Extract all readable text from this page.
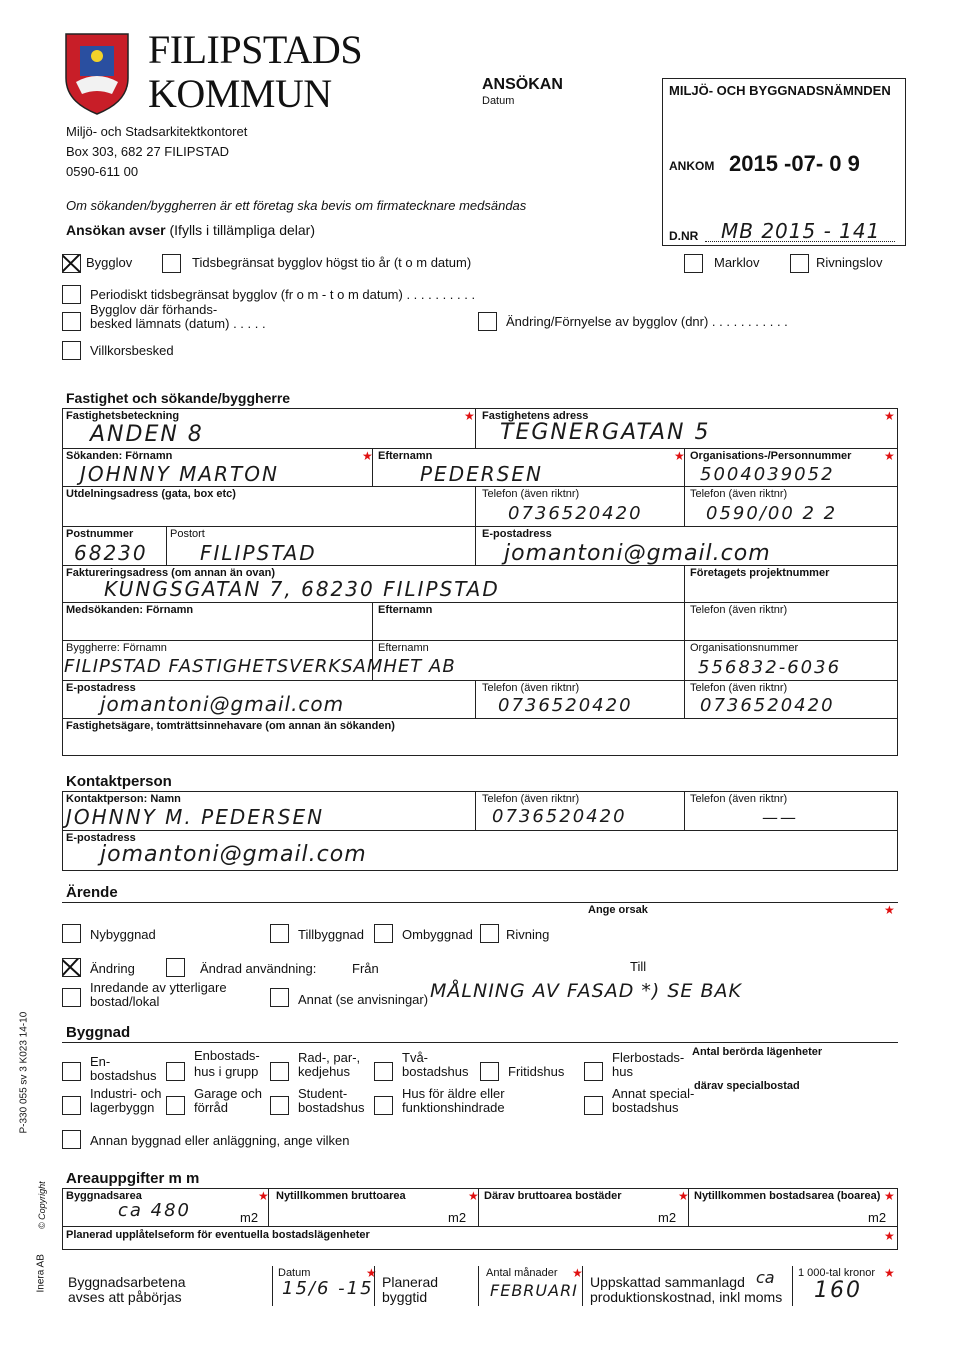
FILIPSTADS
KOMMUN
Miljö- och Stadsarkitektkontoret
Box 303, 682 27 FILIPSTAD
0590-611 00
ANSÖKAN
Datum
MILJÖ- OCH BYGGNADSNÄMNDEN
ANKOM 2015 -07- 0 9
D.NR MB 2015 - 141
Om sökanden/byggherren är ett företag ska bevis om firmatecknare medsändas
Ansökan avser (Ifylls i tillämpliga delar)
Bygglov	Tidsbegränsat bygglov högst tio år (t o m datum)	Marklov	Rivningslov
Periodiskt tidsbegränsat bygglov (fr o m - t o m datum) . . . . . . . . . .
Bygglov där förhands-
besked lämnats (datum) . . . . .	Ändring/Förnyelse av bygglov (dnr) . . . . . . . . . . .
Villkorsbesked
Fastighet och sökande/byggherre
Fastighetsbeteckning
ANDEN 8
★ Fastighetens adress
TEGNERGATAN 5
★
Sökanden: Förnamn
JOHNNY MARTON
★ Efternamn
PEDERSEN
★ Organisations-/Personnummer
5004039052
★
Utdelningsadress (gata, box etc)	Telefon (även riktnr)
0736520420
Telefon (även riktnr)
0590/00 2 2
Postnummer
68230
Postort
FILIPSTAD
E-postadress
jomantoni@gmail.com
Faktureringsadress (om annan än ovan)
KUNGSGATAN 7, 68230 FILIPSTAD
Företagets projektnummer
Medsökanden: Förnamn	Efternamn	Telefon (även riktnr)
Byggherre: Förnamn
FILIPSTAD FASTIGHETSVERKSAMHET AB
Efternamn	Organisationsnummer
556832-6036
E-postadress
jomantoni@gmail.com
Telefon (även riktnr)
0736520420
Telefon (även riktnr)
0736520420
Fastighetsägare, tomträttsinnehavare (om annan än sökanden)
Kontaktperson
Kontaktperson: Namn
JOHNNY M. PEDERSEN
Telefon (även riktnr)
0736520420
Telefon (även riktnr)
——
E-postadress
jomantoni@gmail.com
Ärende
Ange orsak	★
Nybyggnad	Tillbyggnad	Ombyggnad	Rivning
Ändring	Ändrad användning:	Från	Till
Inredande av ytterligare
bostad/lokal	Annat (se anvisningar) MÅLNING AV FASAD *) SE BAK
Byggnad
En-
bostadshus
Enbostads-
hus i grupp
Rad-, par-,
kedjehus
Två-
bostadshus	Fritidshus
Flerbostads-
hus
Antal berörda lägenheter
Industri- och
lagerbyggn
Garage och
förråd
Student-
bostadshus
Hus för äldre eller
funktionshindrade
Annat special-
bostadshus
därav specialbostad
Annan byggnad eller anläggning, ange vilken
Areauppgifter m m
Byggnadsarea	★
ca 480	m2
Nytillkommen bruttoarea	★
m2
Därav bruttoarea bostäder	★
m2
Nytillkommen bostadsarea (boarea) ★
m2
Planerad upplåtelseform för eventuella bostadslägenheter	★
Byggnadsarbetena
avses att påbörjas
Datum
15/6 -15
★
Planerad
byggtid
Antal månader
FEBRUARI
★
Uppskattad sammanlagd
produktionskostnad, inkl moms
ca 1 000-tal kronor ★
160
P-330 055 sv 3 K023 14-10
© Copyright
Inera AB
